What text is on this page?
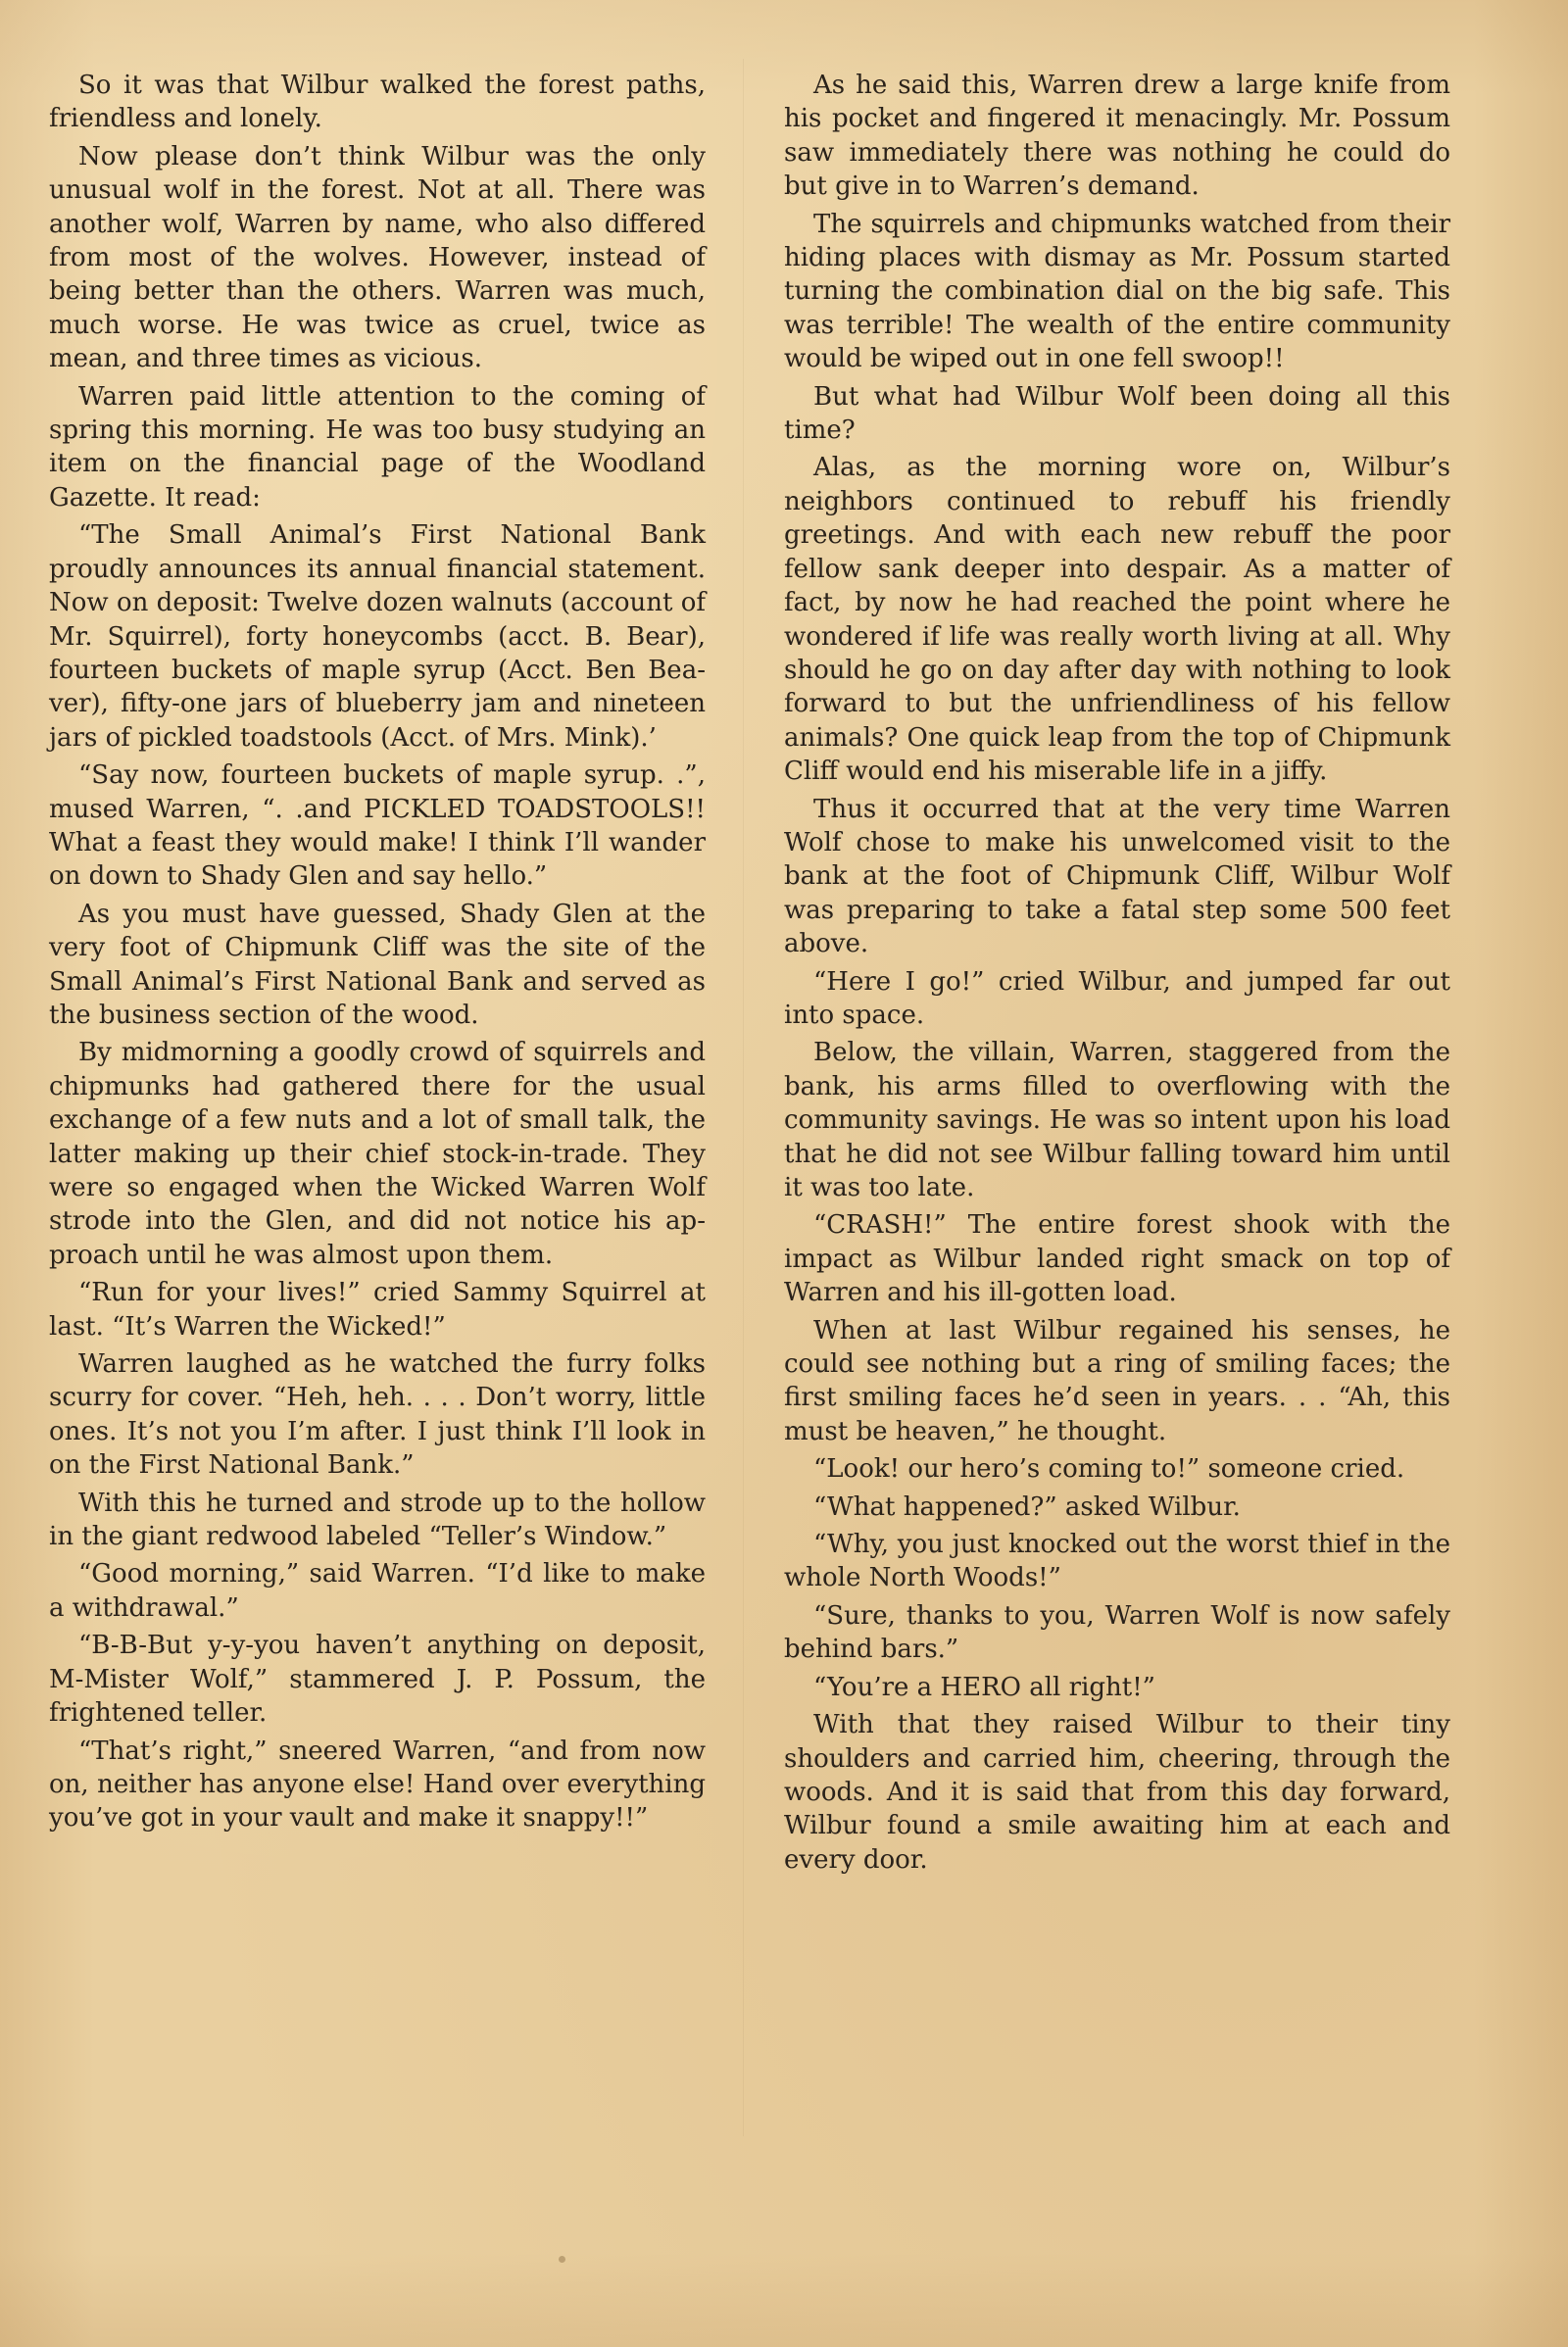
So it was that Wilbur walked the forest paths, friendless and lonely.

Now please don’t think Wilbur was the only unusual wolf in the forest. Not at all. There was another wolf, Warren by name, who also differed from most of the wolves. However, instead of being better than the others. Warren was much, much worse. He was twice as cruel, twice as mean, and three times as vicious.

Warren paid little attention to the coming of spring this morning. He was too busy studying an item on the financial page of the Woodland Gazette. It read:

“The Small Animal’s First National Bank proudly announces its annual financial statement. Now on deposit: Twelve dozen walnuts (account of Mr. Squirrel), forty honeycombs (acct. B. Bear), fourteen buckets of maple syrup (Acct. Ben Beaver), fifty-one jars of blueberry jam and nineteen jars of pickled toadstools (Acct. of Mrs. Mink).’

“Say now, fourteen buckets of maple syrup. .”, mused Warren, “. .and PICKLED TOADSTOOLS!! What a feast they would make! I think I’ll wander on down to Shady Glen and say hello.”

As you must have guessed, Shady Glen at the very foot of Chipmunk Cliff was the site of the Small Animal’s First National Bank and served as the business section of the wood.

By midmorning a goodly crowd of squirrels and chipmunks had gathered there for the usual exchange of a few nuts and a lot of small talk, the latter making up their chief stock-in-trade. They were so engaged when the Wicked Warren Wolf strode into the Glen, and did not notice his approach until he was almost upon them.

“Run for your lives!” cried Sammy Squirrel at last. “It’s Warren the Wicked!”

Warren laughed as he watched the furry folks scurry for cover. “Heh, heh. . . . Don’t worry, little ones. It’s not you I’m after. I just think I’ll look in on the First National Bank.”

With this he turned and strode up to the hollow in the giant redwood labeled “Teller’s Window.”

“Good morning,” said Warren. “I’d like to make a withdrawal.”

“B-B-But y-y-you haven’t anything on deposit, M-Mister Wolf,” stammered J. P. Possum, the frightened teller.

“That’s right,” sneered Warren, “and from now on, neither has anyone else! Hand over everything you’ve got in your vault and make it snappy!!”

As he said this, Warren drew a large knife from his pocket and fingered it menacingly. Mr. Possum saw immediately there was nothing he could do but give in to Warren’s demand.

The squirrels and chipmunks watched from their hiding places with dismay as Mr. Possum started turning the combination dial on the big safe. This was terrible! The wealth of the entire community would be wiped out in one fell swoop!!

But what had Wilbur Wolf been doing all this time?

Alas, as the morning wore on, Wilbur’s neighbors continued to rebuff his friendly greetings. And with each new rebuff the poor fellow sank deeper into despair. As a matter of fact, by now he had reached the point where he wondered if life was really worth living at all. Why should he go on day after day with nothing to look forward to but the unfriendliness of his fellow animals? One quick leap from the top of Chipmunk Cliff would end his miserable life in a jiffy.

Thus it occurred that at the very time Warren Wolf chose to make his unwelcomed visit to the bank at the foot of Chipmunk Cliff, Wilbur Wolf was preparing to take a fatal step some 500 feet above.

“Here I go!” cried Wilbur, and jumped far out into space.

Below, the villain, Warren, staggered from the bank, his arms filled to overflowing with the community savings. He was so intent upon his load that he did not see Wilbur falling toward him until it was too late.

“CRASH!” The entire forest shook with the impact as Wilbur landed right smack on top of Warren and his ill-gotten load.

When at last Wilbur regained his senses, he could see nothing but a ring of smiling faces; the first smiling faces he’d seen in years. . . “Ah, this must be heaven,” he thought.

“Look! our hero’s coming to!” someone cried.

“What happened?” asked Wilbur.

“Why, you just knocked out the worst thief in the whole North Woods!”

“Sure, thanks to you, Warren Wolf is now safely behind bars.”

“You’re a HERO all right!”

With that they raised Wilbur to their tiny shoulders and carried him, cheering, through the woods. And it is said that from this day forward, Wilbur found a smile awaiting him at each and every door.
